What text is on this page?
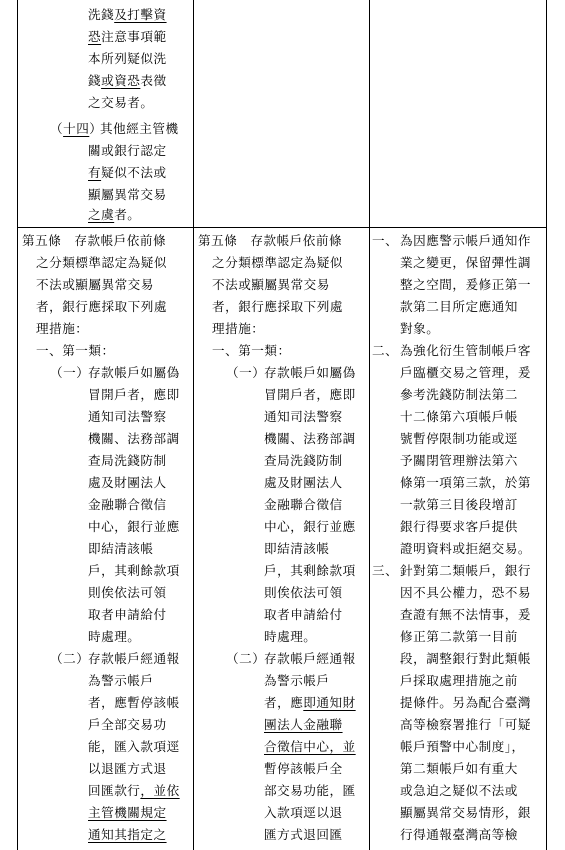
洗錢及打擊資
恐注意事項範
本所列疑似洗
錢或資恐表徵
之交易者。
（十四）
其他經主管機
關或銀行認定
有疑似不法或
顯屬異常交易
之虞者。
第五條　存款帳戶依前條
之分類標準認定為疑似
不法或顯屬異常交易
者，銀行應採取下列處
理措施：
一、第一類：
（一）
存款帳戶如屬偽
冒開戶者，應即
通知司法警察
機關、法務部調
查局洗錢防制
處及財團法人
金融聯合徵信
中心，銀行並應
即結清該帳
戶，其剩餘款項
則俟依法可領
取者申請給付
時處理。
（二）
存款帳戶經通報
為警示帳戶
者，應暫停該帳
戶全部交易功
能，匯入款項逕
以退匯方式退
回匯款行，並依
主管機關規定
通知其指定之
第五條　存款帳戶依前條
之分類標準認定為疑似
不法或顯屬異常交易
者，銀行應採取下列處
理措施：
一、第一類：
（一）
存款帳戶如屬偽
冒開戶者，應即
通知司法警察
機關、法務部調
查局洗錢防制
處及財團法人
金融聯合徵信
中心，銀行並應
即結清該帳
戶，其剩餘款項
則俟依法可領
取者申請給付
時處理。
（二）
存款帳戶經通報
為警示帳戶
者，應即通知財
團法人金融聯
合徵信中心，並
暫停該帳戶全
部交易功能，匯
入款項逕以退
匯方式退回匯
一、 為因應警示帳戶通知作
業之變更，保留彈性調
整之空間，爰修正第一
款第二目所定應通知
對象。
二、 為強化衍生管制帳戶客
戶臨櫃交易之管理，爰
參考洗錢防制法第二
十二條第六項帳戶帳
號暫停限制功能或逕
予關閉管理辦法第六
條第一項第三款，於第
一款第三目後段增訂
銀行得要求客戶提供
證明資料或拒絕交易。
三、 針對第二類帳戶，銀行
因不具公權力，恐不易
查證有無不法情事，爰
修正第二款第一目前
段，調整銀行對此類帳
戶採取處理措施之前
提條件。另為配合臺灣
高等檢察署推行「可疑
帳戶預警中心制度」，
第二類帳戶如有重大
或急迫之疑似不法或
顯屬異常交易情形，銀
行得通報臺灣高等檢
